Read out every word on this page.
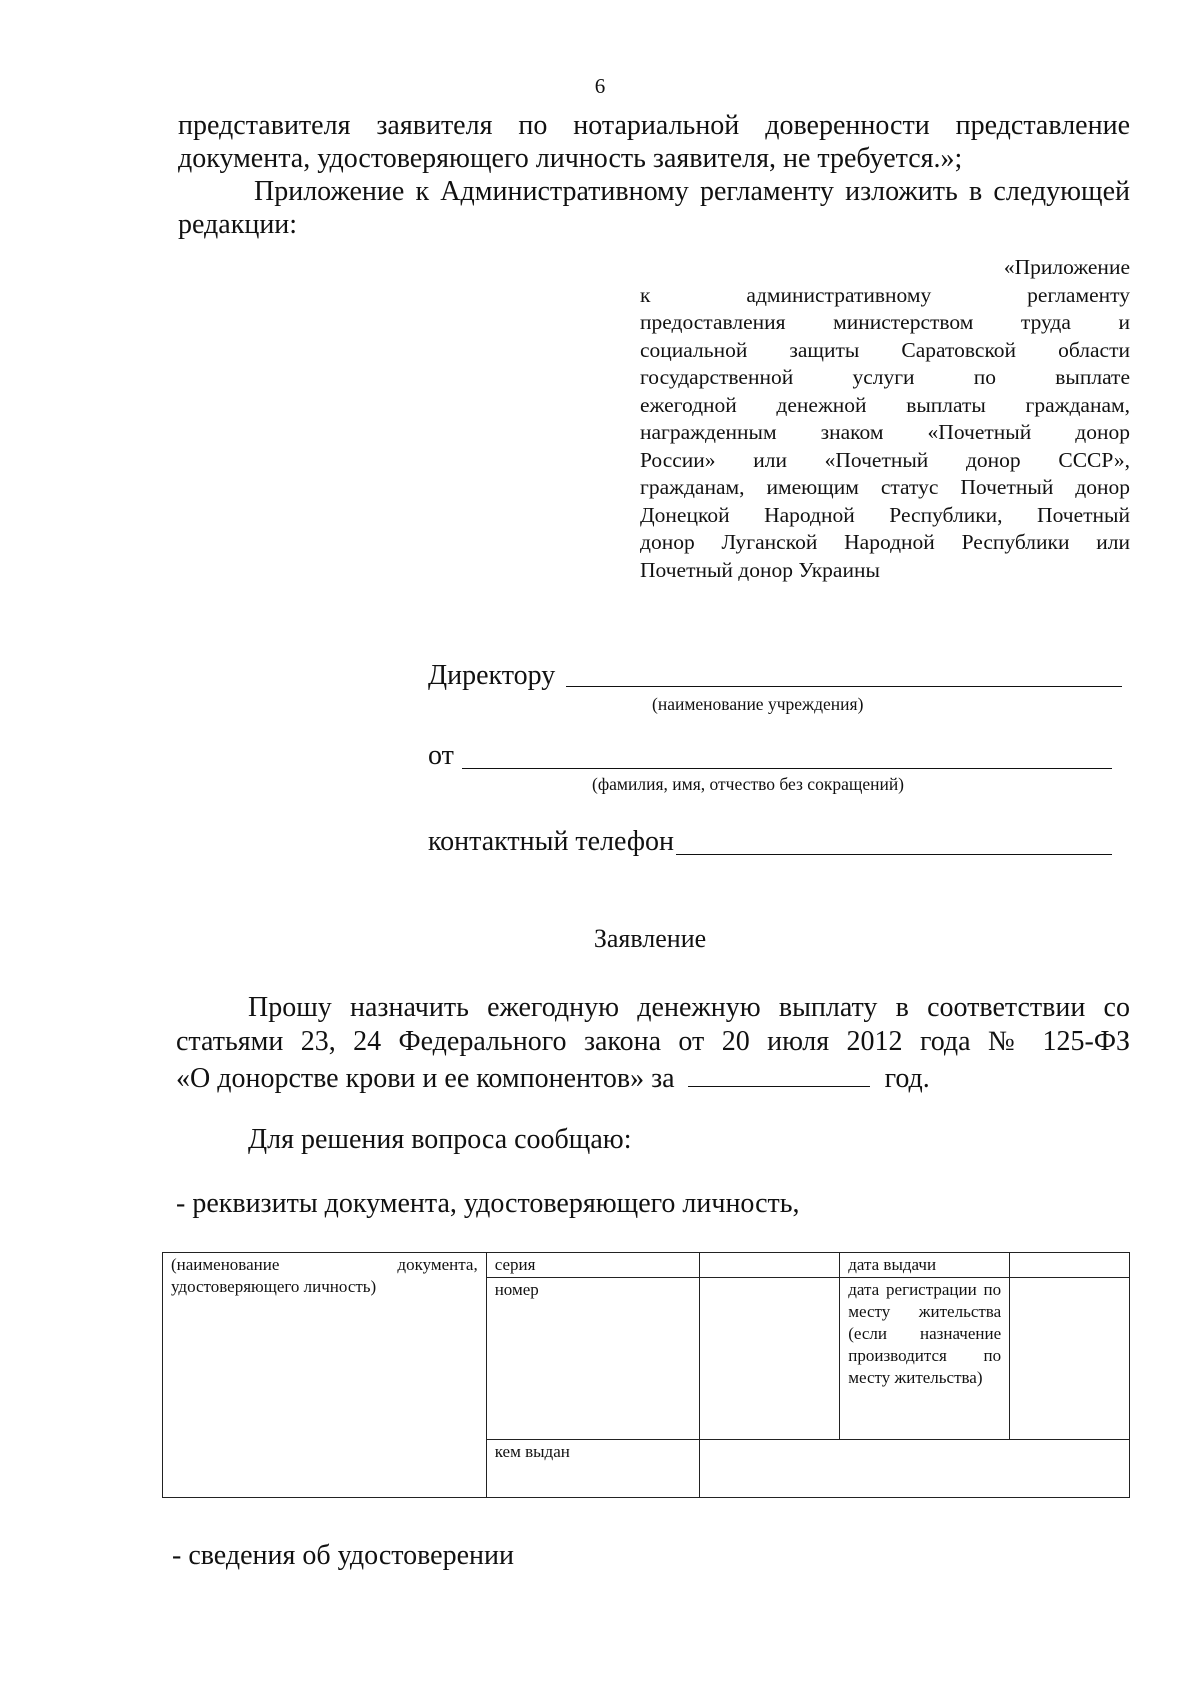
6
представителя заявителя по нотариальной доверенности представление
документа, удостоверяющего личность заявителя, не требуется.»;
Приложение к Административному регламенту изложить в следующей
редакции:
«Приложение
к административному регламенту
предоставления министерством труда и
социальной защиты Саратовской области
государственной услуги по выплате
ежегодной денежной выплаты гражданам,
награжденным знаком «Почетный донор
России» или «Почетный донор СССР»,
гражданам, имеющим статус Почетный донор
Донецкой Народной Республики, Почетный
донор Луганской Народной Республики или
Почетный донор Украины
Директору
(наименование учреждения)
от
(фамилия, имя, отчество без сокращений)
контактный телефон
Заявление
Прошу назначить ежегодную денежную выплату в соответствии со
статьями 23, 24 Федерального закона от 20 июля 2012 года № 125-ФЗ
«О донорстве крови и ее компонентов» за	год.
Для решения вопроса сообщаю:
- реквизиты документа, удостоверяющего личность,
(наименование документа, удостоверяющего личность)	серия		дата выдачи	
	номер		дата регистрации по месту жительства (если назначение производится по месту жительства)	
	кем выдан			
- сведения об удостоверении
